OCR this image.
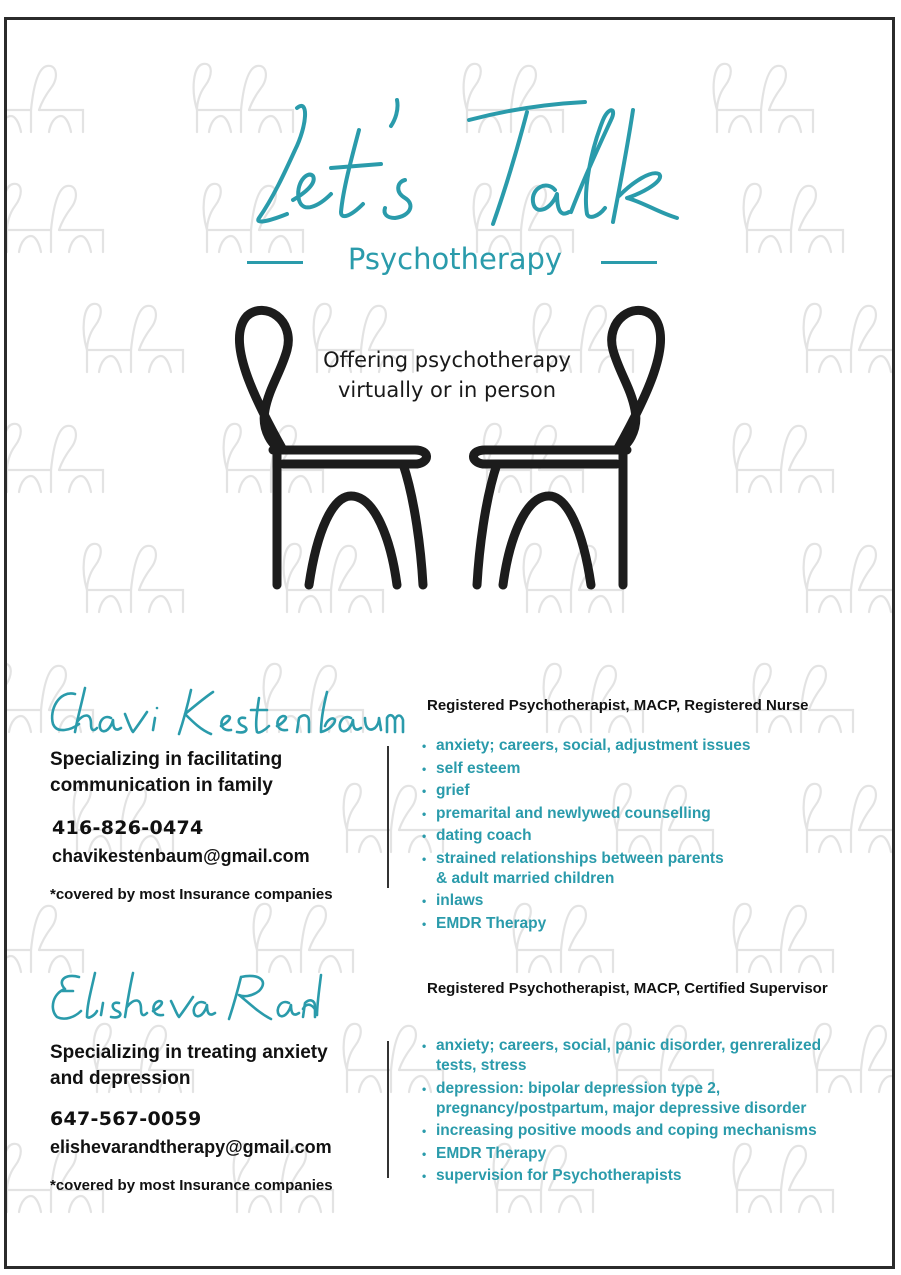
Psychotherapy
Offering psychotherapy
virtually or in person
Registered Psychotherapist, MACP, Registered Nurse
Specializing in facilitating
communication in family
416-826-0474
chavikestenbaum@gmail.com
*covered by most Insurance companies
• anxiety; careers, social, adjustment issues
• self esteem
• grief
• premarital and newlywed counselling
• dating coach
• strained relationships between parents
& adult married children
• inlaws
• EMDR Therapy
Registered Psychotherapist, MACP, Certified Supervisor
Specializing in treating anxiety
and depression
647-567-0059
elishevarandtherapy@gmail.com
*covered by most Insurance companies
• anxiety; careers, social, panic disorder, genreralized
tests, stress
• depression: bipolar depression type 2,
pregnancy/postpartum, major depressive disorder
• increasing positive moods and coping mechanisms
• EMDR Therapy
• supervision for Psychotherapists
